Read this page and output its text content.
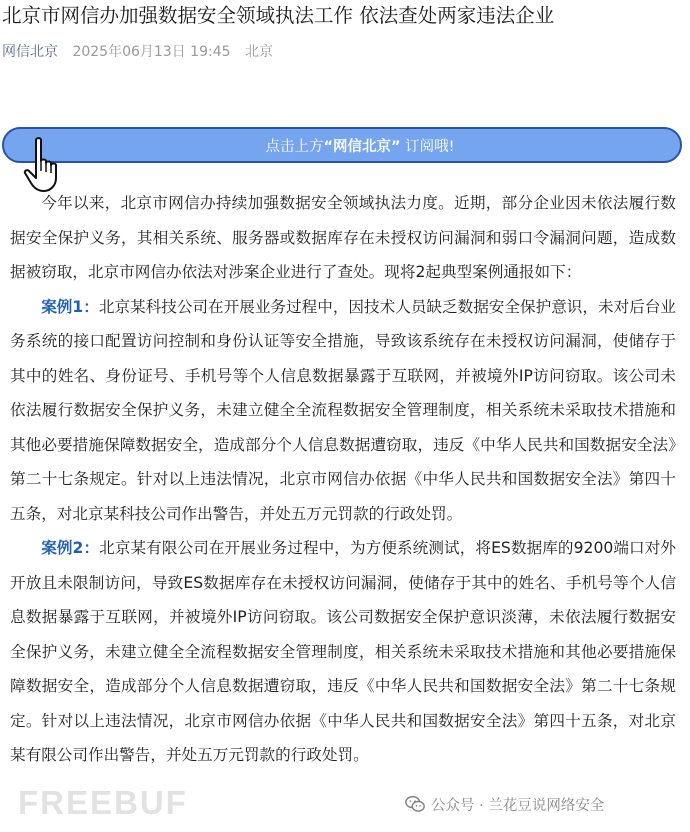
北京市网信办加强数据安全领域执法工作 依法查处两家违法企业
网信北京 2025年06月13日 19:45 北京
点击上方“网信北京” 订阅哦!

今年以来，北京市网信办持续加强数据安全领域执法力度。近期，部分企业因未依法履行数据安全保护义务，其相关系统、服务器或数据库存在未授权访问漏洞和弱口令漏洞问题，造成数据被窃取，北京市网信办依法对涉案企业进行了查处。现将2起典型案例通报如下：

案例1：北京某科技公司在开展业务过程中，因技术人员缺乏数据安全保护意识，未对后台业务系统的接口配置访问控制和身份认证等安全措施，导致该系统存在未授权访问漏洞，使储存于其中的姓名、身份证号、手机号等个人信息数据暴露于互联网，并被境外IP访问窃取。该公司未依法履行数据安全保护义务，未建立健全全流程数据安全管理制度，相关系统未采取技术措施和其他必要措施保障数据安全，造成部分个人信息数据遭窃取，违反《中华人民共和国数据安全法》第二十七条规定。针对以上违法情况，北京市网信办依据《中华人民共和国数据安全法》第四十五条，对北京某科技公司作出警告，并处五万元罚款的行政处罚。

案例2：北京某有限公司在开展业务过程中，为方便系统测试，将ES数据库的9200端口对外开放且未限制访问，导致ES数据库存在未授权访问漏洞，使储存于其中的姓名、手机号等个人信息数据暴露于互联网，并被境外IP访问窃取。该公司数据安全保护意识淡薄，未依法履行数据安全保护义务，未建立健全全流程数据安全管理制度，相关系统未采取技术措施和其他必要措施保障数据安全，造成部分个人信息数据遭窃取，违反《中华人民共和国数据安全法》第二十七条规定。针对以上违法情况，北京市网信办依据《中华人民共和国数据安全法》第四十五条，对北京某有限公司作出警告，并处五万元罚款的行政处罚。

FREEBUF	公众号 · 兰花豆说网络安全
